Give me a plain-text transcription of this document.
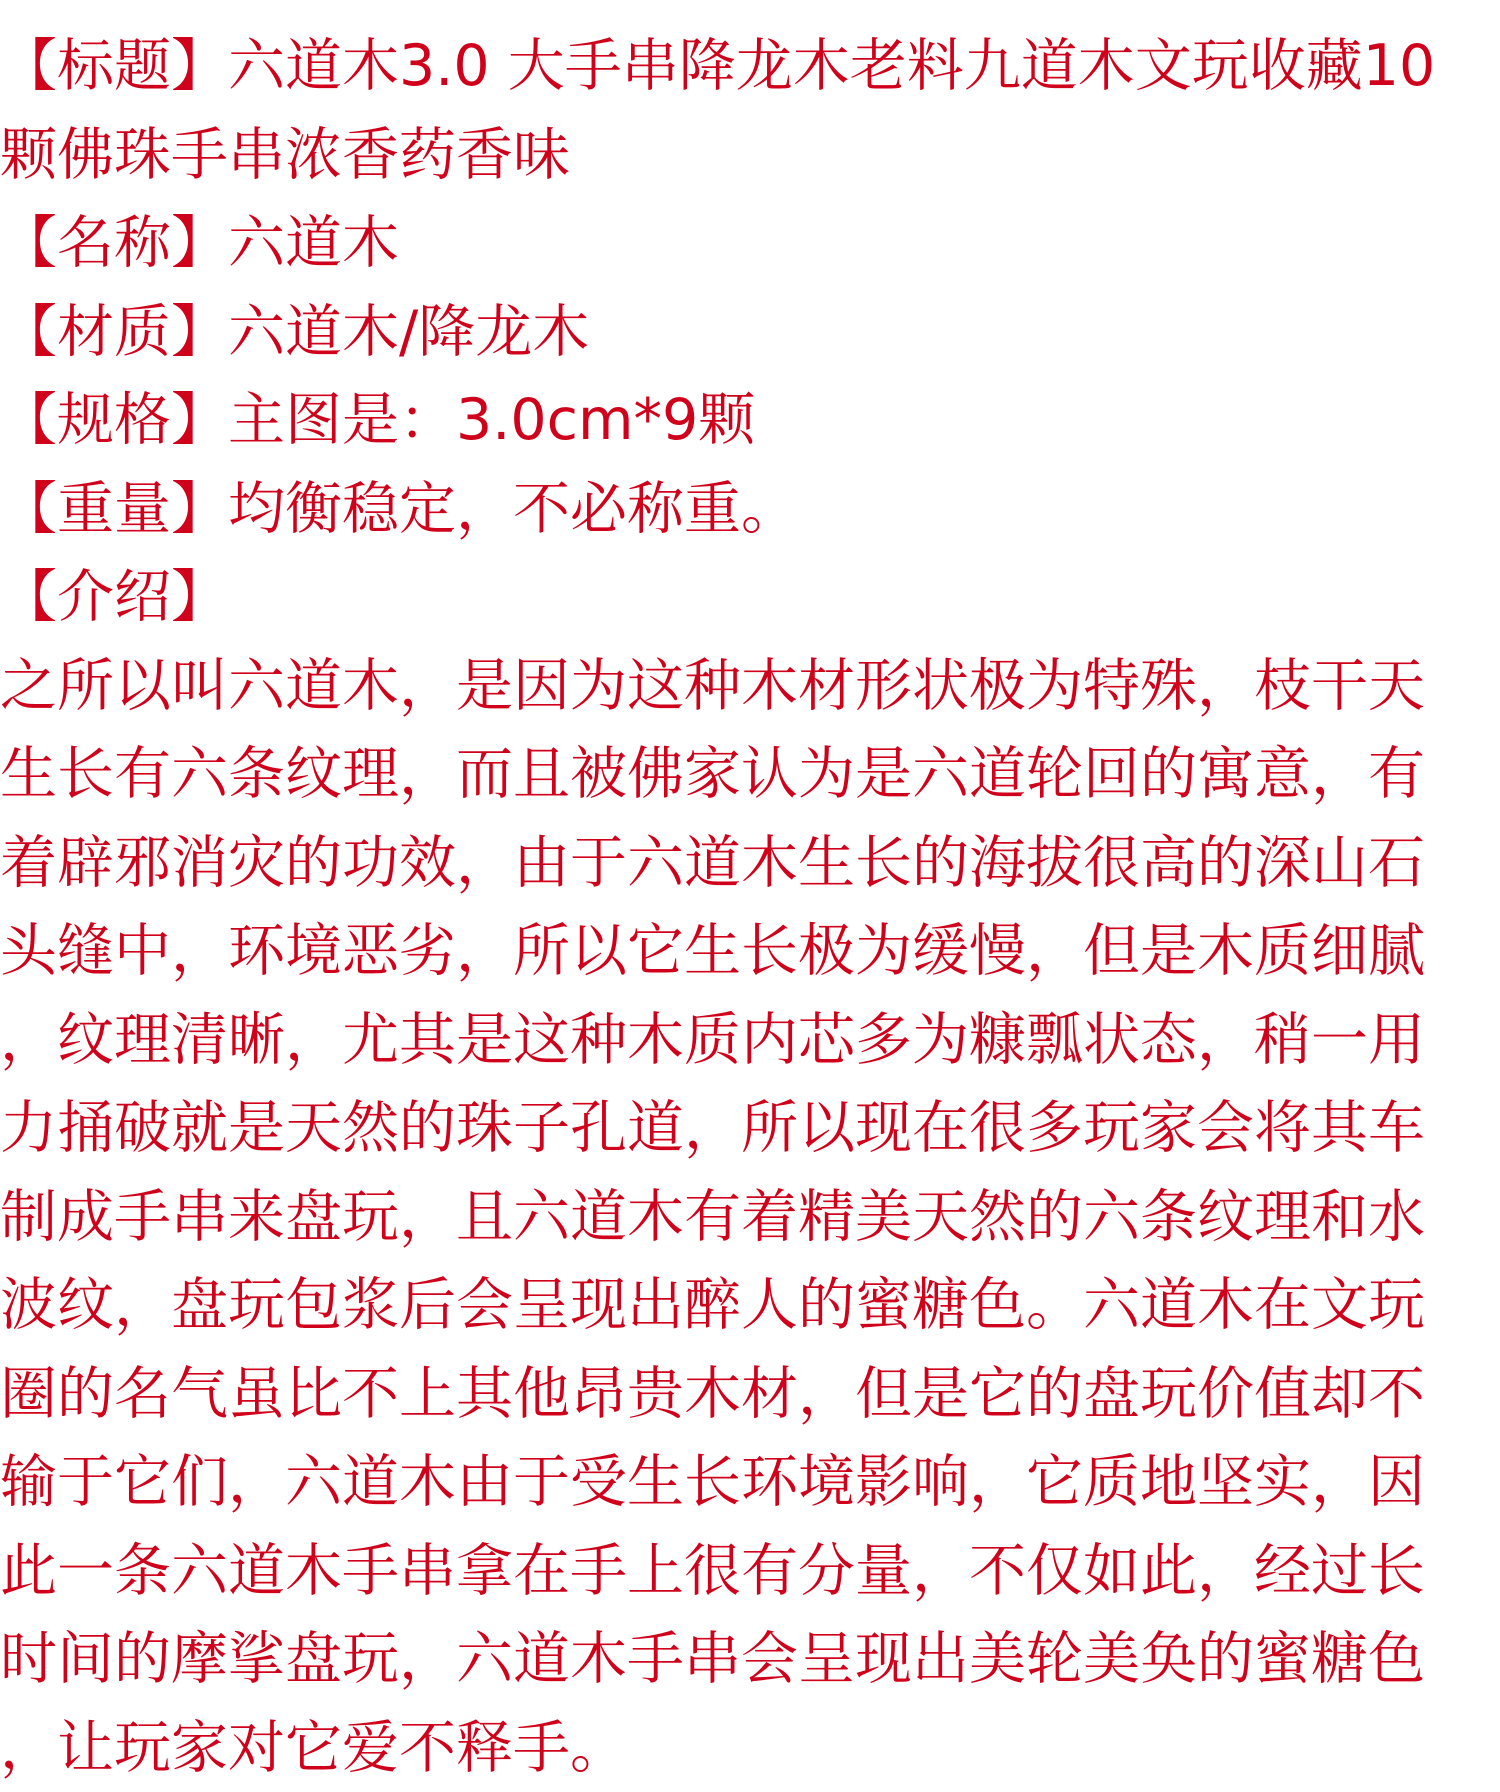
【标题】六道木3.0 大手串降龙木老料九道木文玩收藏10
颗佛珠手串浓香药香味
【名称】六道木
【材质】六道木/降龙木
【规格】主图是：3.0cm*9颗
【重量】均衡稳定，不必称重。
【介绍】
之所以叫六道木，是因为这种木材形状极为特殊，枝干天
生长有六条纹理，而且被佛家认为是六道轮回的寓意，有
着辟邪消灾的功效，由于六道木生长的海拔很高的深山石
头缝中，环境恶劣，所以它生长极为缓慢，但是木质细腻
，纹理清晰，尤其是这种木质内芯多为糠瓢状态，稍一用
力捅破就是天然的珠子孔道，所以现在很多玩家会将其车
制成手串来盘玩，且六道木有着精美天然的六条纹理和水
波纹，盘玩包浆后会呈现出醉人的蜜糖色。六道木在文玩
圈的名气虽比不上其他昂贵木材，但是它的盘玩价值却不
输于它们，六道木由于受生长环境影响，它质地坚实，因
此一条六道木手串拿在手上很有分量，不仅如此，经过长
时间的摩挲盘玩，六道木手串会呈现出美轮美奂的蜜糖色
，让玩家对它爱不释手。
